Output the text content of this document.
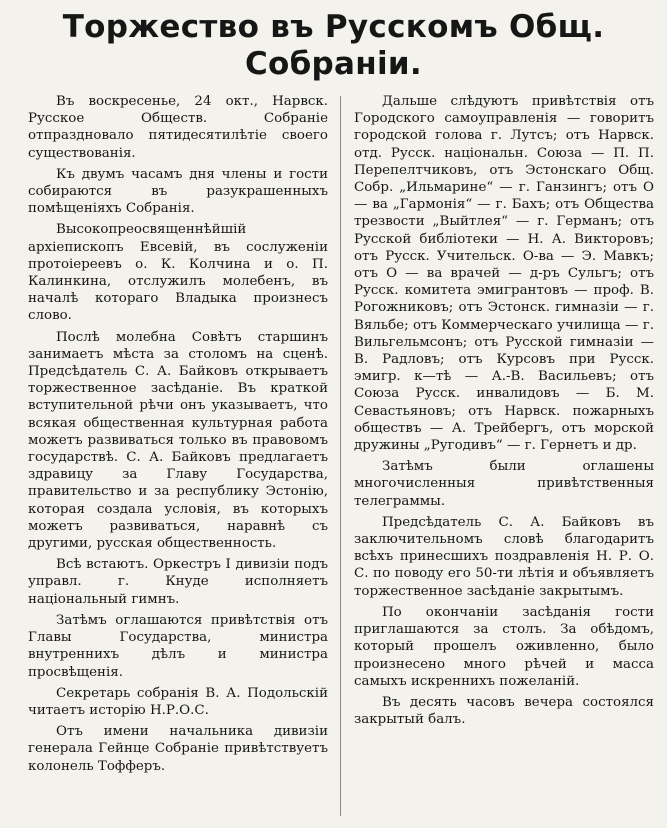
Торжество въ Русскомъ Общ.
Собраніи.

Въ воскресенье, 24 окт., Нарвск. Русское Обществ. Собраніе отпраздновало пятидесятилѣтіе своего существованія.

Къ двумъ часамъ дня члены и гости собираются въ разукрашенныхъ помѣщеніяхъ Собранія.

Высокопреосвященнѣйшій архіепископъ Евсевій, въ сослуженіи протоіереевъ о. К. Колчина и о. П. Калинкина, отслужилъ молебенъ, въ началѣ котораго Владыка произнесъ слово.

Послѣ молебна Совѣтъ старшинъ занимаетъ мѣста за столомъ на сценѣ. Предсѣдатель С. А. Байковъ открываетъ торжественное засѣданіе. Въ краткой вступительной рѣчи онъ указываетъ, что всякая общественная культурная работа можетъ развиваться только въ правовомъ государствѣ. С. А. Байковъ предлагаетъ здравицу за Главу Государства, правительство и за республику Эстонію, которая создала условія, въ которыхъ можетъ развиваться, наравнѣ съ другими, русская общественность.

Всѣ встаютъ. Оркестръ I дивизіи подъ управл. г. Кнуде исполняетъ національный гимнъ.

Затѣмъ оглашаются привѣтствія отъ Главы Государства, министра внутреннихъ дѣлъ и министра просвѣщенія.

Секретарь собранія В. А. Подольскій читаетъ исторію Н.Р.О.С.

Отъ имени начальника дивизіи генерала Гейнце Собраніе привѣтствуетъ колонель Тофферъ.

Дальше слѣдуютъ привѣтствія отъ Городского самоуправленія — говоритъ городской голова г. Лутсъ; отъ Нарвск. отд. Русск. національн. Союза — П. П. Перепелтчиковъ, отъ Эстонскаго Общ. Собр. „Ильмарине“ — г. Ганзингъ; отъ О — ва „Гармонія“ — г. Бахъ; отъ Общества трезвости „Выйтлея“ — г. Германъ; отъ Русской библіотеки — Н. А. Викторовъ; отъ Русск. Учительск. О-ва — Э. Мавкъ; отъ О — ва врачей — д-ръ Сульгъ; отъ Русск. комитета эмигрантовъ — проф. В. Рогожниковъ; отъ Эстонск. гимназіи — г. Вяльбе; отъ Коммерческаго училища — г. Вильгельмсонъ; отъ Русской гимназіи — В. Радловъ; отъ Курсовъ при Русск. эмигр. к—тѣ — А.-В. Васильевъ; отъ Союза Русск. инвалидовъ — Б. М. Севастьяновъ; отъ Нарвск. пожарныхъ обществъ — А. Трейбергъ, отъ морской дружины „Ругодивъ“ — г. Гернетъ и др.

Затѣмъ были оглашены многочисленныя привѣтственныя телеграммы.

Предсѣдатель С. А. Байковъ въ заключительномъ словѣ благодаритъ всѣхъ принесшихъ поздравленія Н. Р. О. С. по поводу его 50-ти лѣтія и объявляетъ торжественное засѣданіе закрытымъ.

По окончаніи засѣданія гости приглашаются за столъ. За обѣдомъ, который прошелъ оживленно, было произнесено много рѣчей и масса самыхъ искреннихъ пожеланій.

Въ десять часовъ вечера состоялся закрытый балъ.
